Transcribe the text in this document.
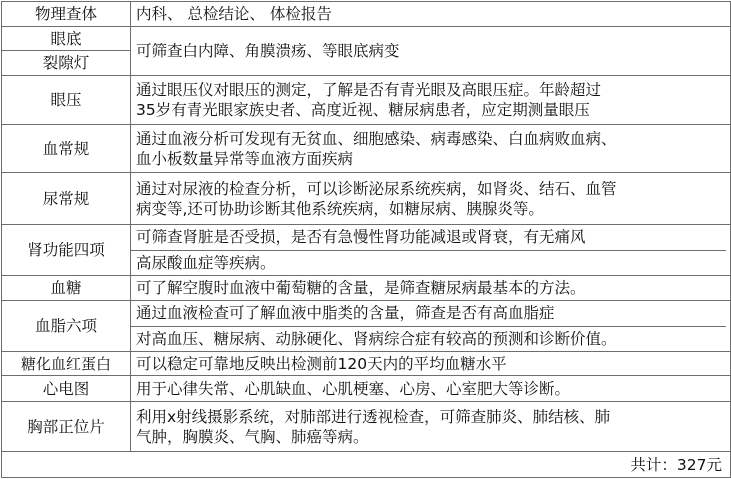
物理查体	内科、 总检结论、 体检报告

眼底	可筛查白内障、角膜溃疡、等眼底病变

裂隙灯	
眼压	通过眼压仪对眼压的测定，了解是否有青光眼及高眼压症。年龄超过
35岁有青光眼家族史者、高度近视、糖尿病患者，应定期测量眼压

血常规	通过血液分析可发现有无贫血、细胞感染、病毒感染、白血病败血病、
血小板数量异常等血液方面疾病

尿常规	通过对尿液的检查分析，可以诊断泌尿系统疾病，如肾炎、结石、血管
病变等,还可协助诊断其他系统疾病，如糖尿病、胰腺炎等。

肾功能四项	可筛查肾脏是否受损，是否有急慢性肾功能减退或肾衰，有无痛风
高尿酸血症等疾病。

血糖	可了解空腹时血液中葡萄糖的含量，是筛查糖尿病最基本的方法。

血脂六项	通过血液检查可了解血液中脂类的含量，筛查是否有高血脂症
对高血压、糖尿病、动脉硬化、肾病综合症有较高的预测和诊断价值。

糖化血红蛋白	可以稳定可靠地反映出检测前120天内的平均血糖水平

心电图	用于心律失常、心肌缺血、心肌梗塞、心房、心室肥大等诊断。

胸部正位片	利用x射线摄影系统，对肺部进行透视检查，可筛查肺炎、肺结核、肺
气肿，胸膜炎、气胸、肺癌等病。

	共计：327元
